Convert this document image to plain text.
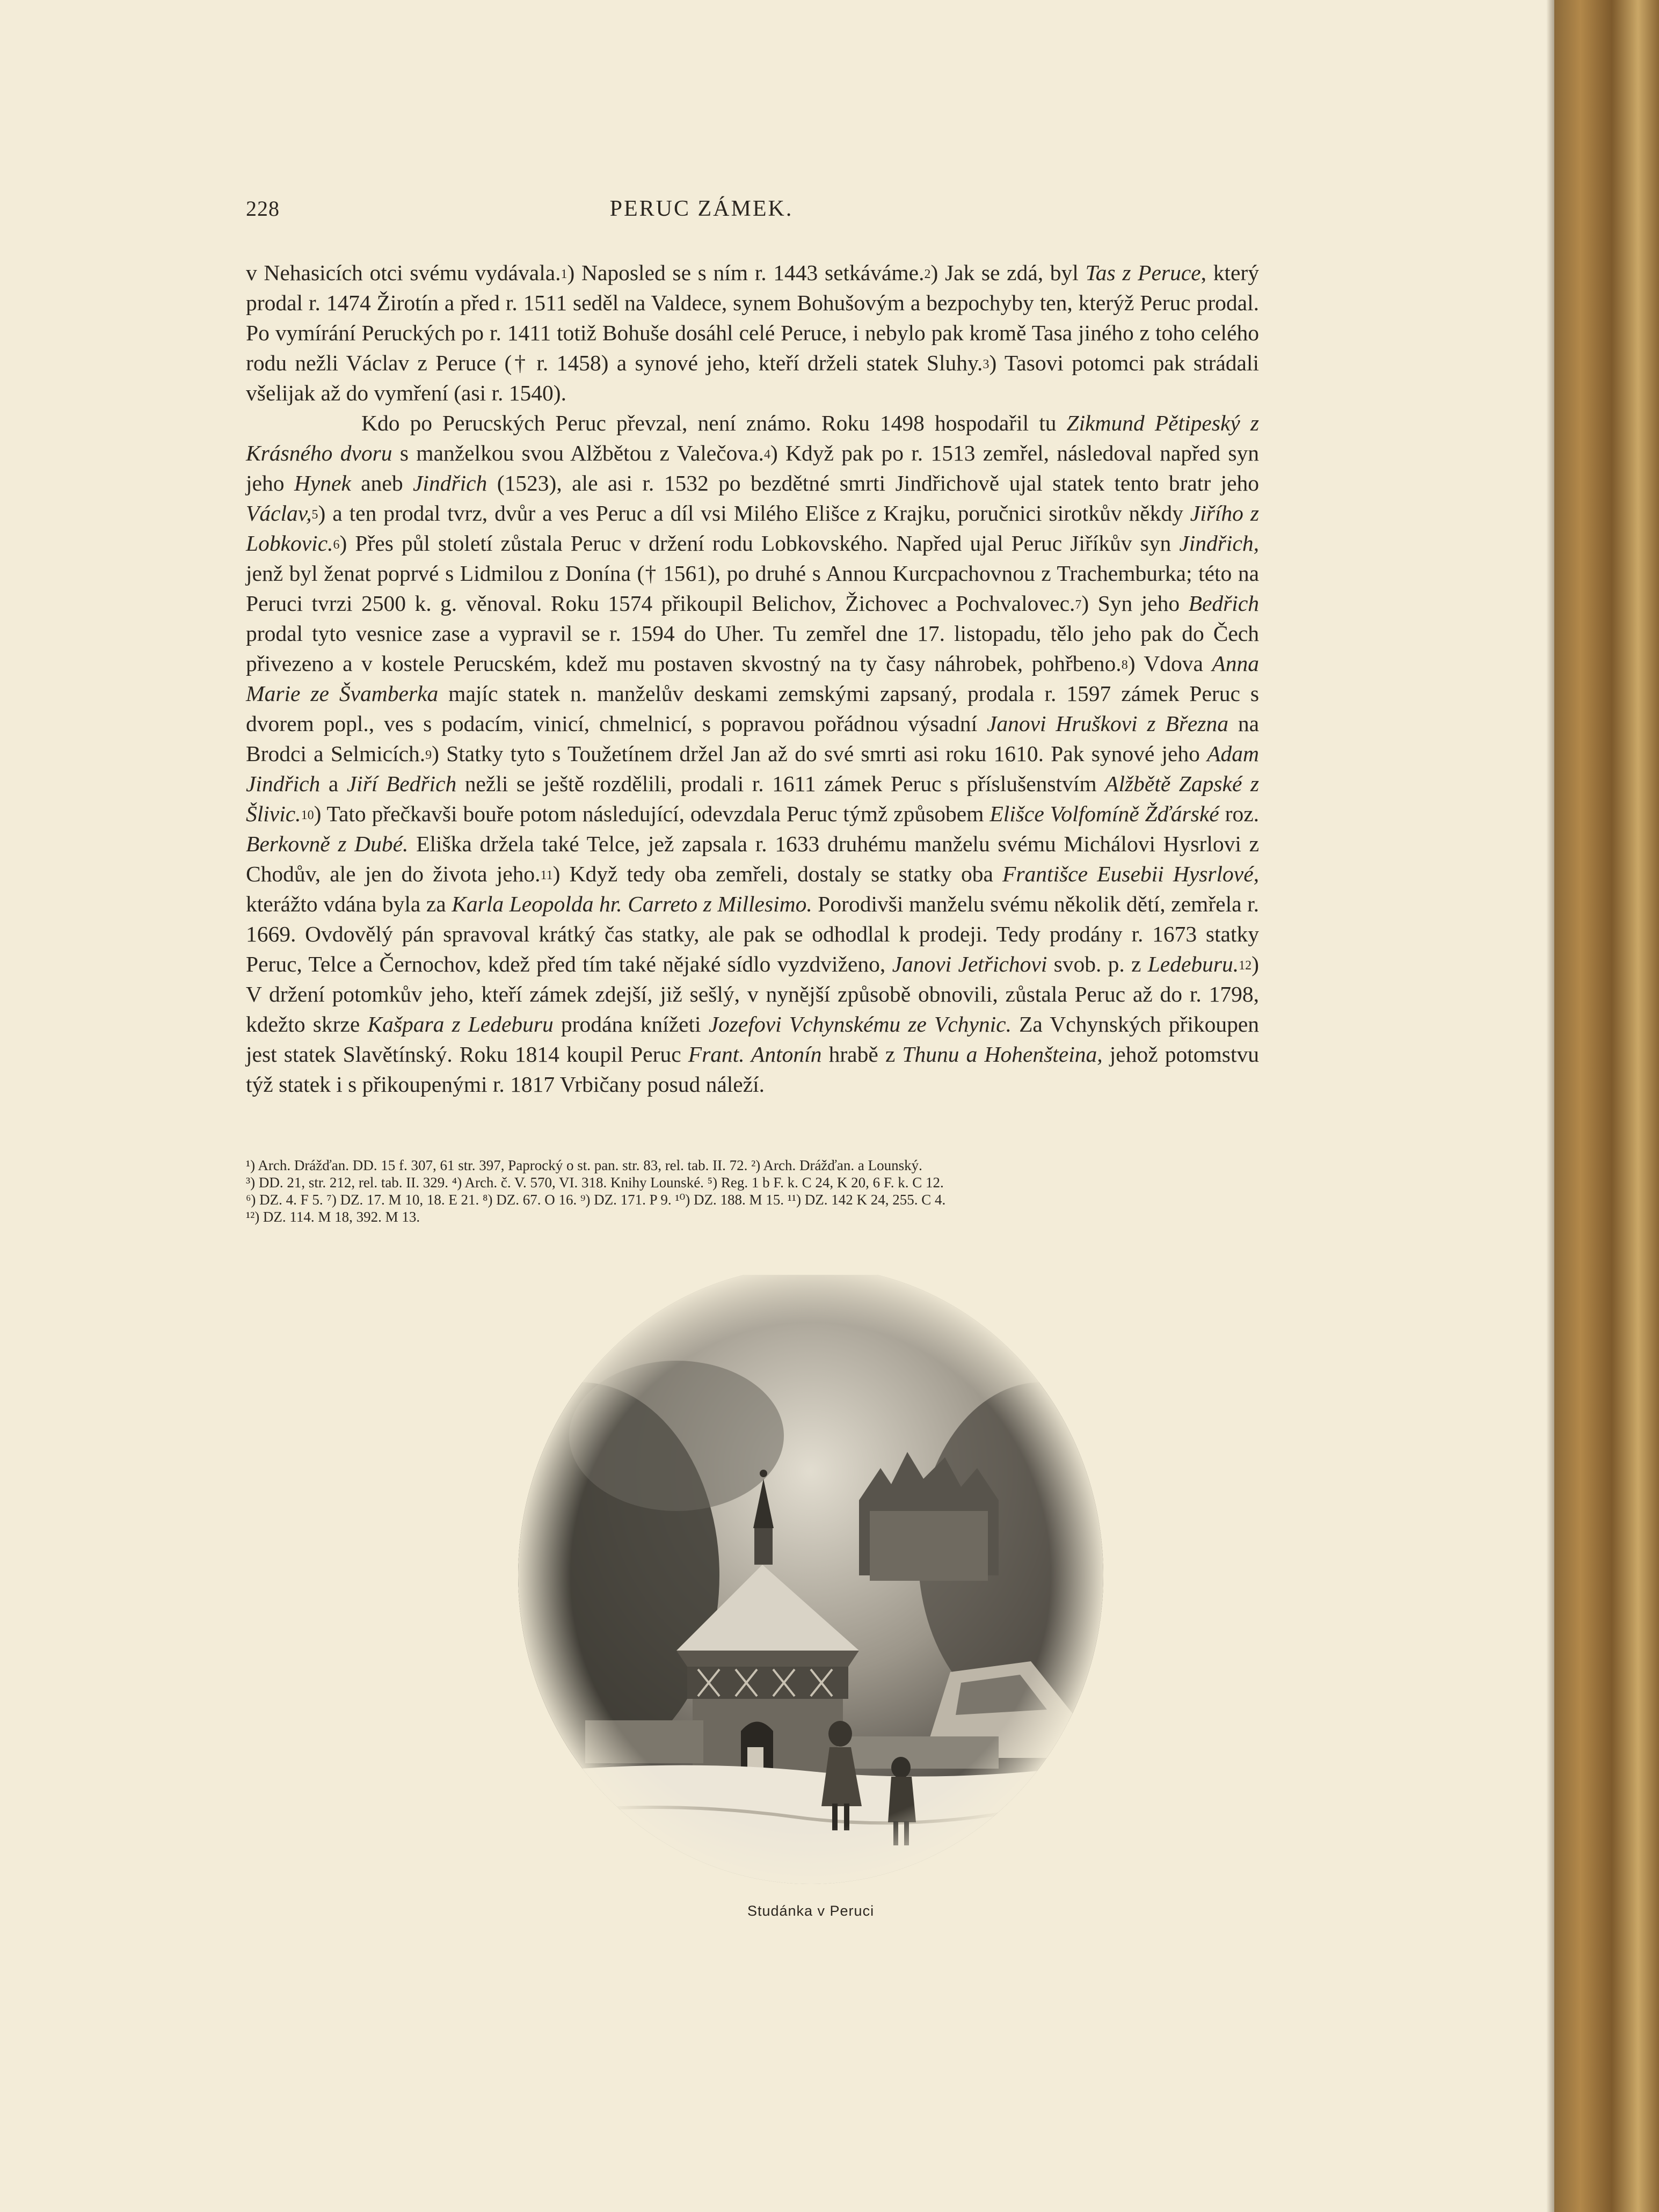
228	PERUC ZÁMEK.

v Nehasicích otci svému vydávala.$^1$) Naposled se s ním r. 1443 setkáváme.$^2$) Jak se zdá, byl Tas z Peruce, který prodal r. 1474 Žirotín a před r. 1511 seděl na Valdece, synem Bohušovým a bezpochyby ten, kterýž Peruc prodal. Po vymírání Peruckých po r. 1411 totiž Bohuše dosáhl celé Peruce, i nebylo pak kromě Tasa jiného z toho celého rodu nežli Václav z Peruce († r. 1458) a synové jeho, kteří drželi statek Sluhy.$^3$) Tasovi potomci pak strádali všelijak až do vymření (asi r. 1540).

Kdo po Perucských Peruc převzal, není známo. Roku 1498 hospodařil tu Zikmund Pětipeský z Krásného dvoru s manželkou svou Alžbětou z Valečova.$^4$) Když pak po r. 1513 zemřel, následoval napřed syn jeho Hynek aneb Jindřich (1523), ale asi r. 1532 po bezdětné smrti Jindřichově ujal statek tento bratr jeho Václav,$^5$) a ten prodal tvrz, dvůr a ves Peruc a díl vsi Milého Elišce z Krajku, poručnici sirotkův někdy Jiřího z Lobkovic.$^6$) Přes půl století zůstala Peruc v držení rodu Lobkovského. Napřed ujal Peruc Jiříkův syn Jindřich, jenž byl ženat poprvé s Lidmilou z Donína († 1561), po druhé s Annou Kurcpachovnou z Trachemburka; této na Peruci tvrzi 2500 k. g. věnoval. Roku 1574 přikoupil Belichov, Žichovec a Pochvalovec.$^7$) Syn jeho Bedřich prodal tyto vesnice zase a vypravil se r. 1594 do Uher. Tu zemřel dne 17. listopadu, tělo jeho pak do Čech přivezeno a v kostele Perucském, kdež mu postaven skvostný na ty časy náhrobek, pohřbeno.$^8$) Vdova Anna Marie ze Švamberka majíc statek n. manželův deskami zemskými zapsaný, prodala r. 1597 zámek Peruc s dvorem popl., ves s podacím, vinicí, chmelnicí, s popravou pořádnou výsadní Janovi Hruškovi z Března na Brodci a Selmicích.$^9$) Statky tyto s Toužetínem držel Jan až do své smrti asi roku 1610. Pak synové jeho Adam Jindřich a Jiří Bedřich nežli se ještě rozdělili, prodali r. 1611 zámek Peruc s příslušenstvím Alžbětě Zapské z Šlivic.$^{10}$) Tato přečkavši bouře potom následující, odevzdala Peruc týmž způsobem Elišce Volfomíně Žďárské roz. Berkovně z Dubé. Eliška držela také Telce, jež zapsala r. 1633 druhému manželu svému Michálovi Hysrlovi z Chodův, ale jen do života jeho.$^{11}$) Když tedy oba zemřeli, dostaly se statky oba Františce Eusebii Hysrlové, kterážto vdána byla za Karla Leopolda hr. Carreto z Millesimo. Porodivši manželu svému několik dětí, zemřela r. 1669. Ovdovělý pán spravoval krátký čas statky, ale pak se odhodlal k prodeji. Tedy prodány r. 1673 statky Peruc, Telce a Černochov, kdež před tím také nějaké sídlo vyzdviženo, Janovi Jetřichovi svob. p. z Ledeburu.$^{12}$) V držení potomkův jeho, kteří zámek zdejší, již sešlý, v nynější způsobě obnovili, zůstala Peruc až do r. 1798, kdežto skrze Kašpara z Ledeburu prodána knížeti Jozefovi Vchynskému ze Vchynic. Za Vchynských přikoupen jest statek Slavětínský. Roku 1814 koupil Peruc Frant. Antonín hrabě z Thunu a Hohenšteina, jehož potomstvu týž statek i s přikoupenými r. 1817 Vrbičany posud náleží.

¹) Arch. Drážďan. DD. 15 f. 307, 61 str. 397, Paprocký o st. pan. str. 83, rel. tab. II. 72. ²) Arch. Drážďan. a Lounský.

³) DD. 21, str. 212, rel. tab. II. 329. ⁴) Arch. č. V. 570, VI. 318. Knihy Lounské. ⁵) Reg. 1 b F. k. C 24, K 20, 6 F. k. C 12.

⁶) DZ. 4. F 5. ⁷) DZ. 17. M 10, 18. E 21. ⁸) DZ. 67. O 16. ⁹) DZ. 171. P 9. ¹⁰) DZ. 188. M 15. ¹¹) DZ. 142 K 24, 255. C 4.

¹²) DZ. 114. M 18, 392. M 13.

Studánka v Peruci
